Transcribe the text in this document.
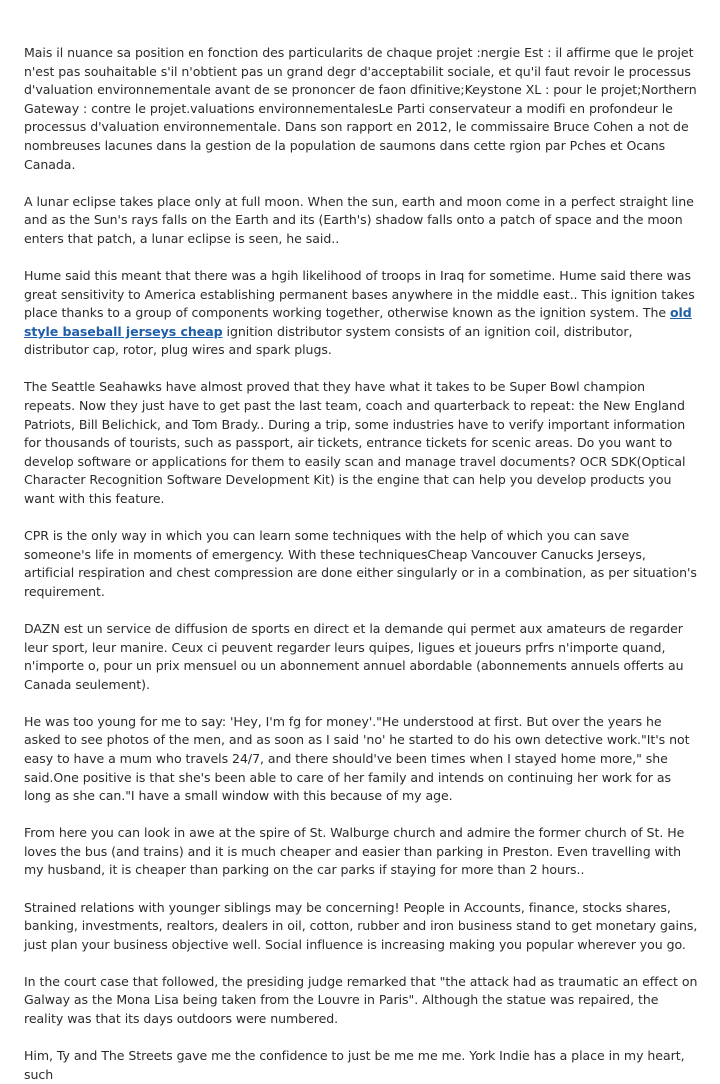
Mais il nuance sa position en fonction des particularits de chaque projet :nergie Est : il affirme que le projet n'est pas souhaitable s'il n'obtient pas un grand degr d'acceptabilit sociale, et qu'il faut revoir le processus d'valuation environnementale avant de se prononcer de faon dfinitive;Keystone XL : pour le projet;Northern Gateway : contre le projet.valuations environnementalesLe Parti conservateur a modifi en profondeur le processus d'valuation environnementale. Dans son rapport en 2012, le commissaire Bruce Cohen a not de nombreuses lacunes dans la gestion de la population de saumons dans cette rgion par Pches et Ocans Canada.

A lunar eclipse takes place only at full moon. When the sun, earth and moon come in a perfect straight line and as the Sun's rays falls on the Earth and its (Earth's) shadow falls onto a patch of space and the moon enters that patch, a lunar eclipse is seen, he said..

Hume said this meant that there was a hgih likelihood of troops in Iraq for sometime. Hume said there was great sensitivity to America establishing permanent bases anywhere in the middle east.. This ignition takes place thanks to a group of components working together, otherwise known as the ignition system. The old style baseball jerseys cheap ignition distributor system consists of an ignition coil, distributor, distributor cap, rotor, plug wires and spark plugs.

The Seattle Seahawks have almost proved that they have what it takes to be Super Bowl champion repeats. Now they just have to get past the last team, coach and quarterback to repeat: the New England Patriots, Bill Belichick, and Tom Brady.. During a trip, some industries have to verify important information for thousands of tourists, such as passport, air tickets, entrance tickets for scenic areas. Do you want to develop software or applications for them to easily scan and manage travel documents? OCR SDK(Optical Character Recognition Software Development Kit) is the engine that can help you develop products you want with this feature.

CPR is the only way in which you can learn some techniques with the help of which you can save someone's life in moments of emergency. With these techniquesCheap Vancouver Canucks Jerseys, artificial respiration and chest compression are done either singularly or in a combination, as per situation's requirement.

DAZN est un service de diffusion de sports en direct et la demande qui permet aux amateurs de regarder leur sport, leur manire. Ceux ci peuvent regarder leurs quipes, ligues et joueurs prfrs n'importe quand, n'importe o, pour un prix mensuel ou un abonnement annuel abordable (abonnements annuels offerts au Canada seulement).

He was too young for me to say: 'Hey, I'm fg for money'."He understood at first. But over the years he asked to see photos of the men, and as soon as I said 'no' he started to do his own detective work."It's not easy to have a mum who travels 24/7, and there should've been times when I stayed home more," she said.One positive is that she's been able to care of her family and intends on continuing her work for as long as she can."I have a small window with this because of my age.

From here you can look in awe at the spire of St. Walburge church and admire the former church of St. He loves the bus (and trains) and it is much cheaper and easier than parking in Preston. Even travelling with my husband, it is cheaper than parking on the car parks if staying for more than 2 hours..

Strained relations with younger siblings may be concerning! People in Accounts, finance, stocks shares, banking, investments, realtors, dealers in oil, cotton, rubber and iron business stand to get monetary gains, just plan your business objective well. Social influence is increasing making you popular wherever you go.

In the court case that followed, the presiding judge remarked that "the attack had as traumatic an effect on Galway as the Mona Lisa being taken from the Louvre in Paris". Although the statue was repaired, the reality was that its days outdoors were numbered.

Him, Ty and The Streets gave me the confidence to just be me me me. York Indie has a place in my heart, such
